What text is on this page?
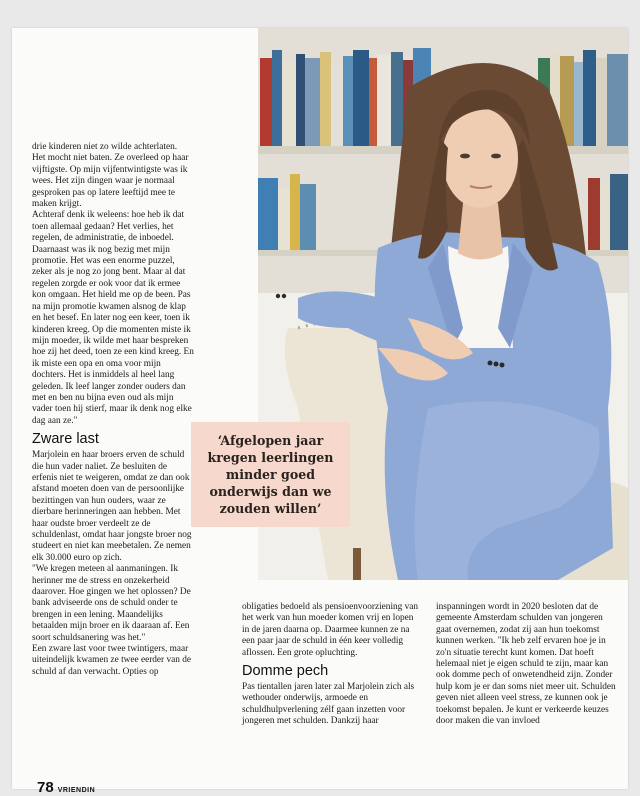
drie kinderen niet zo wilde achterlaten. Het mocht niet baten. Ze overleed op haar vijftigste. Op mijn vijfentwintigste was ik wees. Het zijn dingen waar je normaal gesproken pas op latere leeftijd mee te maken krijgt.

Achteraf denk ik weleens: hoe heb ik dat toen allemaal gedaan? Het verlies, het regelen, de administratie, de inboedel. Daarnaast was ik nog bezig met mijn promotie. Het was een enorme puzzel, zeker als je nog zo jong bent. Maar al dat regelen zorgde er ook voor dat ik ermee kon omgaan. Het hield me op de been. Pas na mijn promotie kwamen alsnog de klap en het besef. En later nog een keer, toen ik kinderen kreeg. Op die momenten miste ik mijn moeder, ik wilde met haar bespreken hoe zij het deed, toen ze een kind kreeg. En ik miste een opa en oma voor mijn dochters. Het is inmiddels al heel lang geleden. Ik leef langer zonder ouders dan met en ben nu bijna even oud als mijn vader toen hij stierf, maar ik denk nog elke dag aan ze."

Zware last

Marjolein en haar broers erven de schuld die hun vader naliet. Ze besluiten de erfenis niet te weigeren, omdat ze dan ook afstand moeten doen van de persoonlijke bezittingen van hun ouders, waar ze dierbare herinneringen aan hebben. Met haar oudste broer verdeelt ze de schuldenlast, omdat haar jongste broer nog studeert en niet kan meebetalen. Ze nemen elk 30.000 euro op zich.

"We kregen meteen al aanmaningen. Ik herinner me de stress en onzekerheid daarover. Hoe gingen we het oplossen? De bank adviseerde ons de schuld onder te brengen in een lening. Maandelijks betaalden mijn broer en ik daaraan af. Een soort schuldsanering was het."

Een zware last voor twee twintigers, maar uiteindelijk kwamen ze twee eerder van de schuld af dan verwacht. Opties op

obligaties bedoeld als pensioenvoorziening van het werk van hun moeder komen vrij en lopen in de jaren daarna op. Daarmee kunnen ze na een paar jaar de schuld in één keer volledig aflossen. Een grote opluchting.

Domme pech

Pas tientallen jaren later zal Marjolein zich als wethouder onderwijs, armoede en schuldhulpverlening zélf gaan inzetten voor jongeren met schulden. Dankzij haar

inspanningen wordt in 2020 besloten dat de gemeente Amsterdam schulden van jongeren gaat overnemen, zodat zij aan hun toekomst kunnen werken. "Ik heb zelf ervaren hoe je in zo'n situatie terecht kunt komen. Dat hoeft helemaal niet je eigen schuld te zijn, maar kan ook domme pech of onwetendheid zijn. Zonder hulp kom je er dan soms niet meer uit. Schulden geven niet alleen veel stress, ze kunnen ook je toekomst bepalen. Je kunt er verkeerde keuzes door maken die van invloed

‘Afgelopen jaar kregen leerlingen minder goed onderwijs dan we zouden willen’
78 VRIENDIN
